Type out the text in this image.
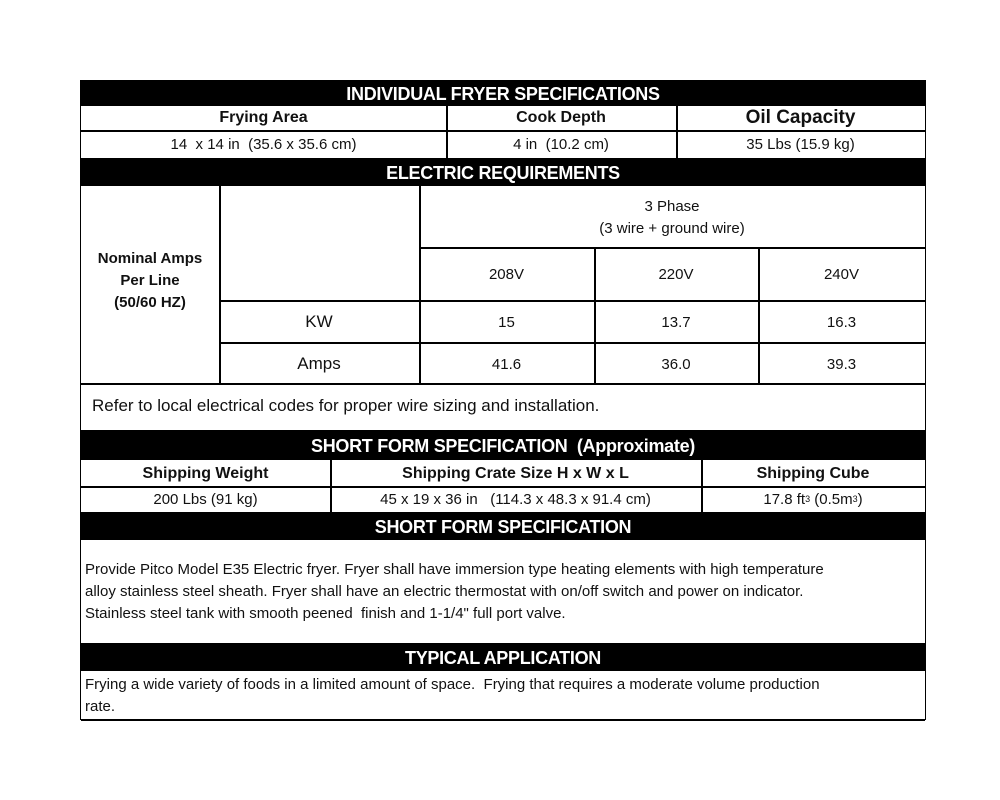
INDIVIDUAL FRYER SPECIFICATIONS
Frying Area	Cook Depth	Oil Capacity
14  x 14 in  (35.6 x 35.6 cm)	4 in  (10.2 cm)	35 Lbs (15.9 kg)
ELECTRIC REQUIREMENTS
Nominal Amps
Per Line
(50/60 HZ)
3 Phase
(3 wire + ground wire)
208V	220V	240V
KW	15	13.7	16.3
Amps	41.6	36.0	39.3
Refer to local electrical codes for proper wire sizing and installation.
SHORT FORM SPECIFICATION  (Approximate)
Shipping Weight	Shipping Crate Size H x W x L	Shipping Cube
200 Lbs (91 kg)	45 x 19 x 36 in   (114.3 x 48.3 x 91.4 cm)	17.8 ft 3 (0.5m 3 )
SHORT FORM SPECIFICATION
Provide Pitco Model E35 Electric fryer. Fryer shall have immersion type heating elements with high temperature
alloy stainless steel sheath. Fryer shall have an electric thermostat with on/off switch and power on indicator.
Stainless steel tank with smooth peened  finish and 1-1/4" full port valve.
TYPICAL APPLICATION
Frying a wide variety of foods in a limited amount of space.  Frying that requires a moderate volume production
rate.
